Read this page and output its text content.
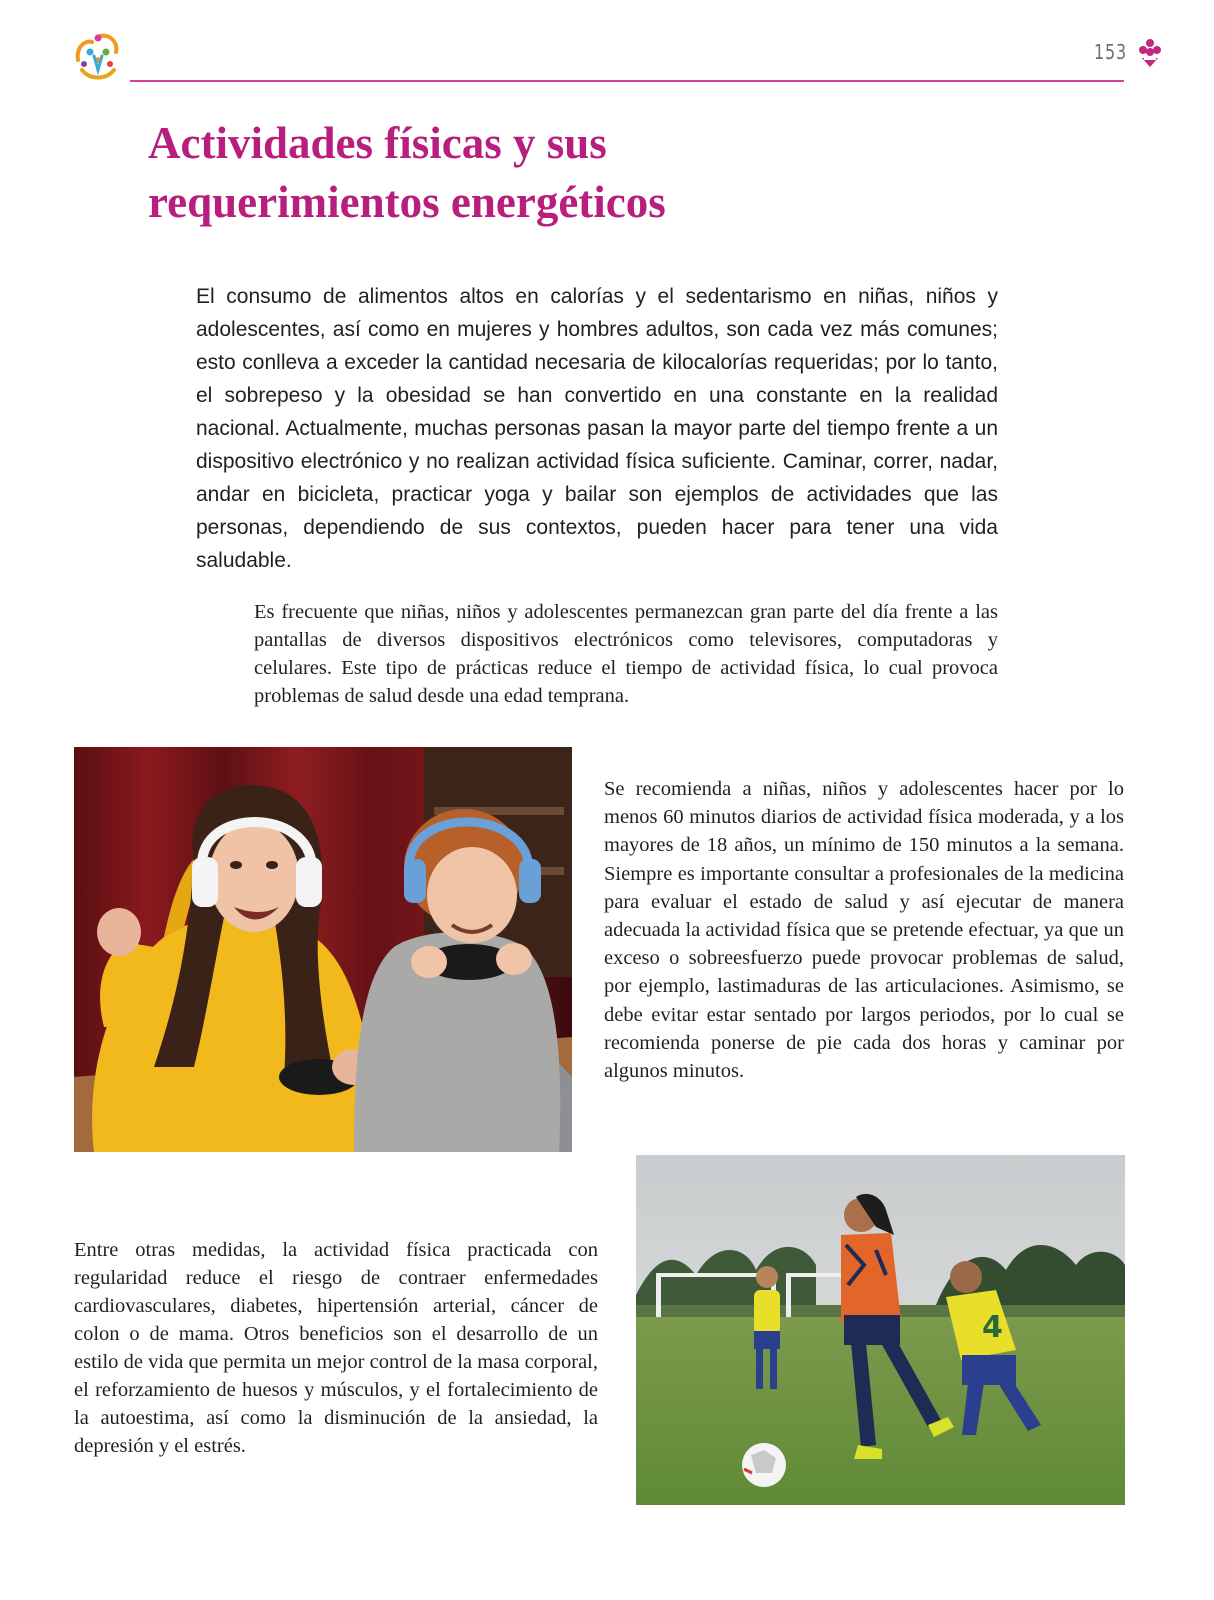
153
Actividades físicas y sus
requerimientos energéticos

El consumo de alimentos altos en calorías y el sedentarismo en niñas, niños y adolescentes, así como en mujeres y hombres adultos, son cada vez más comunes; esto conlleva a exceder la cantidad necesaria de kilocalorías requeridas; por lo tanto, el sobrepeso y la obesidad se han convertido en una constante en la realidad nacional. Actualmente, muchas personas pasan la mayor parte del tiempo frente a un dispositivo electrónico y no realizan actividad física suficiente. Caminar, correr, nadar, andar en bicicleta, practicar yoga y bailar son ejemplos de actividades que las personas, dependiendo de sus contextos, pueden hacer para tener una vida saludable.

Es frecuente que niñas, niños y adolescentes permanezcan gran parte del día frente a las pantallas de diversos dispositivos electrónicos como televisores, computadoras y celulares. Este tipo de prácticas reduce el tiempo de actividad física, lo cual provoca problemas de salud desde una edad temprana.

Se recomienda a niñas, niños y adolescentes hacer por lo menos 60 minutos diarios de actividad física moderada, y a los mayores de 18 años, un mínimo de 150 minutos a la semana. Siempre es importante consultar a profesionales de la medicina para evaluar el estado de salud y así ejecutar de manera adecuada la actividad física que se pretende efectuar, ya que un exceso o sobreesfuerzo puede provocar problemas de salud, por ejemplo, lastimaduras de las articulaciones. Asimismo, se debe evitar estar sentado por largos periodos, por lo cual se recomienda ponerse de pie cada dos horas y caminar por algunos minutos.

4

Entre otras medidas, la actividad física practicada con regularidad reduce el riesgo de contraer enfermedades cardiovasculares, diabetes, hipertensión arterial, cáncer de colon o de mama. Otros beneficios son el desarrollo de un estilo de vida que permita un mejor control de la masa corporal, el reforzamiento de huesos y músculos, y el fortalecimiento de la autoestima, así como la disminución de la ansiedad, la depresión y el estrés.
